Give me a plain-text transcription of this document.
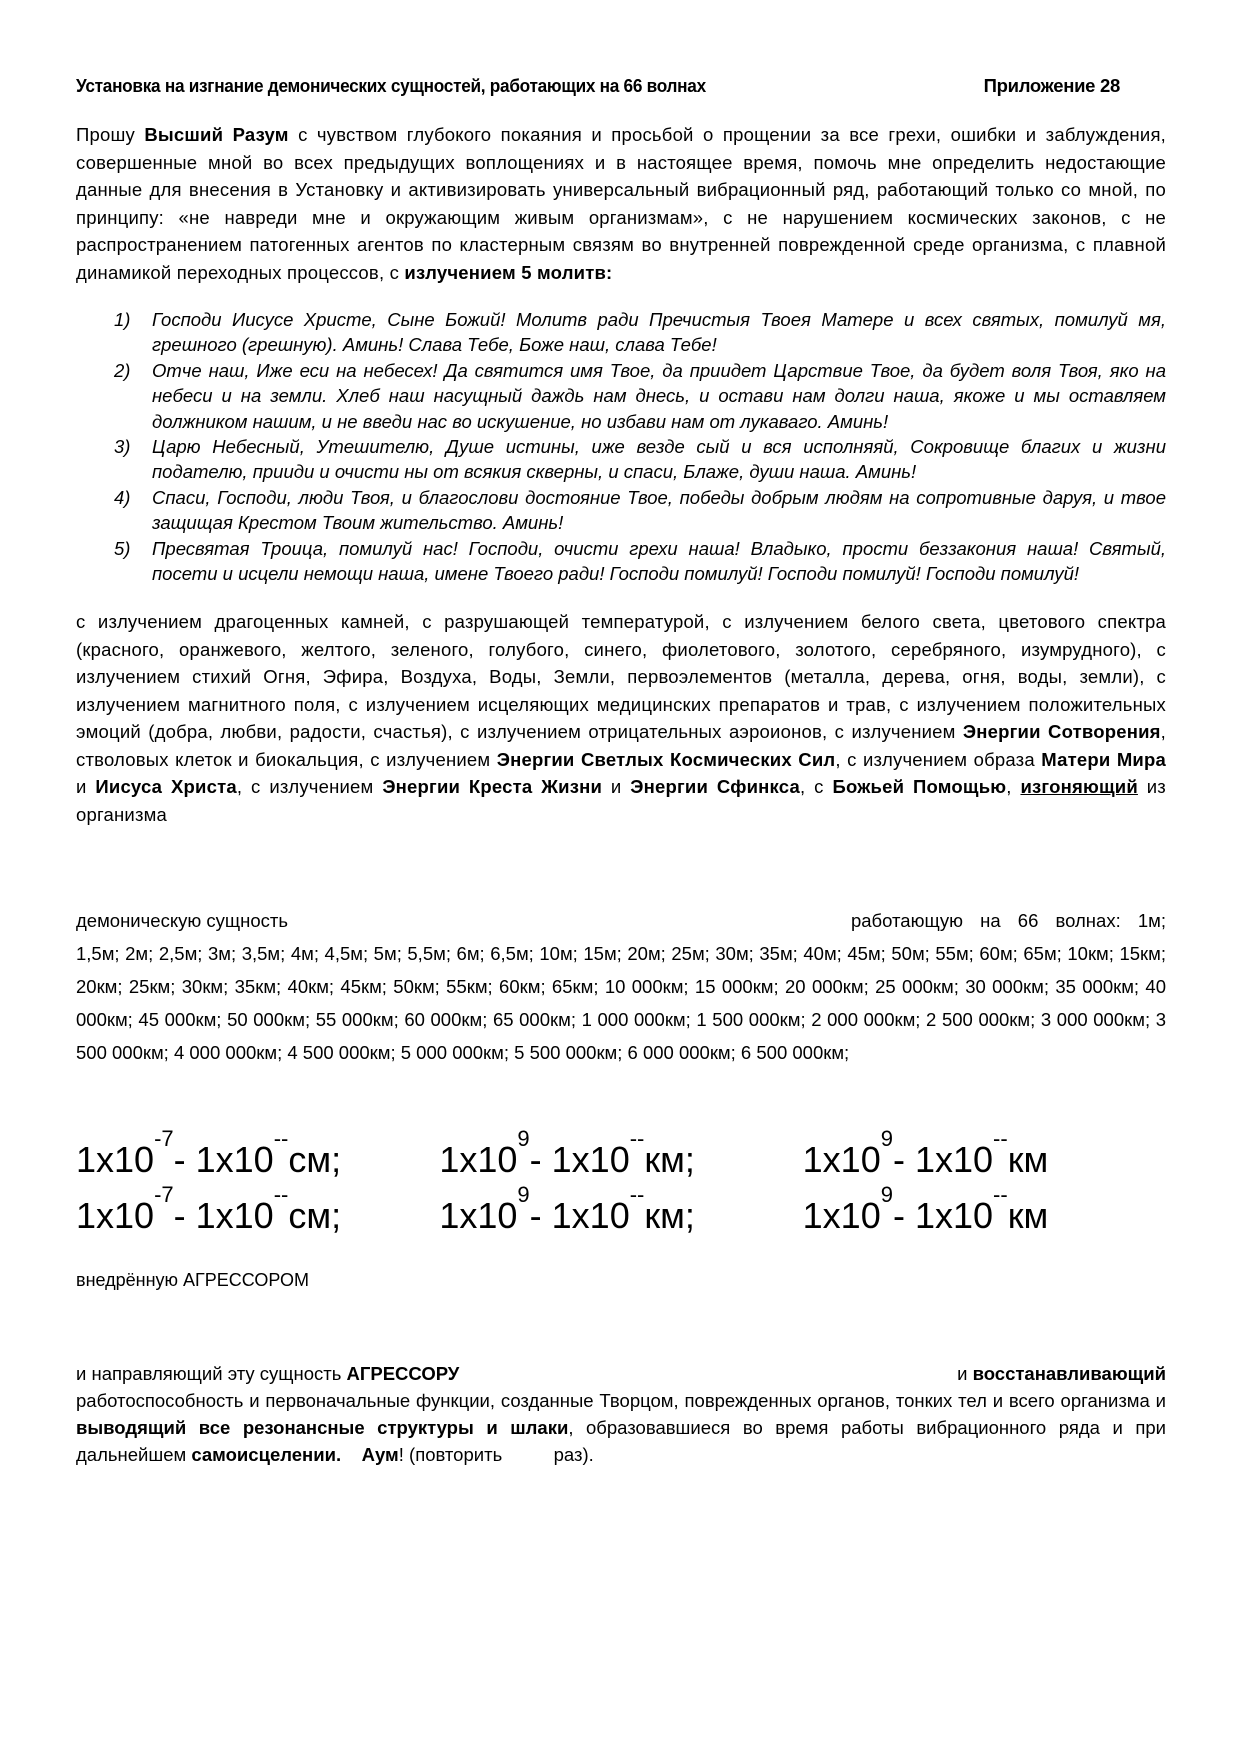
Установка на изгнание демонических сущностей, работающих на 66 волнах	Приложение 28

Прошу Высший Разум с чувством глубокого покаяния и просьбой о прощении за все грехи, ошибки и заблуждения, совершенные мной во всех предыдущих воплощениях и в настоящее время, помочь мне определить недостающие данные для внесения в Установку и активизировать универсальный вибрационный ряд, работающий только со мной, по принципу: «не навреди мне и окружающим живым организмам», с не нарушением космических законов, с не распространением патогенных агентов по кластерным связям во внутренней поврежденной среде организма, с плавной динамикой переходных процессов, с излучением 5 молитв:

1) Господи Иисусе Христе, Сыне Божий! Молитв ради Пречистыя Твоея Матере и всех святых, помилуй мя, грешного (грешную). Аминь! Слава Тебе, Боже наш, слава Тебе!
2) Отче наш, Иже еси на небесех! Да святится имя Твое, да приидет Царствие Твое, да будет воля Твоя, яко на небеси и на земли. Хлеб наш насущный даждь нам днесь, и остави нам долги наша, якоже и мы оставляем должником нашим, и не введи нас во искушение, но избави нам от лукаваго. Аминь!
3) Царю Небесный, Утешителю, Душе истины, иже везде сый и вся исполняяй, Сокровище благих и жизни подателю, прииди и очисти ны от всякия скверны, и спаси, Блаже, души наша. Аминь!
4) Спаси, Господи, люди Твоя, и благослови достояние Твое, победы добрым людям на сопротивные даруя, и твое защищая Крестом Твоим жительство. Аминь!
5) Пресвятая Троица, помилуй нас! Господи, очисти грехи наша! Владыко, прости беззакония наша! Святый, посети и исцели немощи наша, имене Твоего ради! Господи помилуй! Господи помилуй! Господи помилуй!

с излучением драгоценных камней, с разрушающей температурой, с излучением белого света, цветового спектра (красного, оранжевого, желтого, зеленого, голубого, синего, фиолетового, золотого, серебряного, изумрудного), с излучением стихий Огня, Эфира, Воздуха, Воды, Земли, первоэлементов (металла, дерева, огня, воды, земли), с излучением магнитного поля, с излучением исцеляющих медицинских препаратов и трав, с излучением положительных эмоций (добра, любви, радости, счастья), с излучением отрицательных аэроионов, с излучением Энергии Сотворения, стволовых клеток и биокальция, с излучением Энергии Светлых Космических Сил, с излучением образа Матери Мира и Иисуса Христа, с излучением Энергии Креста Жизни и Энергии Сфинкса, с Божьей Помощью, изгоняющий из организма

демоническую сущность	работающую на 66 волнах: 1м;

1,5м; 2м; 2,5м; 3м; 3,5м; 4м; 4,5м; 5м; 5,5м; 6м; 6,5м; 10м; 15м; 20м; 25м; 30м; 35м; 40м; 45м; 50м; 55м; 60м; 65м; 10км; 15км; 20км; 25км; 30км; 35км; 40км; 45км; 50км; 55км; 60км; 65км; 10 000км; 15 000км; 20 000км; 25 000км; 30 000км; 35 000км; 40 000км; 45 000км; 50 000км; 55 000км; 60 000км; 65 000км; 1 000 000км; 1 500 000км; 2 000 000км; 2 500 000км; 3 000 000км; 3 500 000км; 4 000 000км; 4 500 000км; 5 000 000км; 5 500 000км; 6 000 000км; 6 500 000км;

$1x10^{-7}-$ 1x10--см;	$1x10^9-$ 1x10--км;	$1x10^9-$ 1x10--км
$1x10^{-7}-$ 1x10--см;	$1x10^9-$ 1x10--км;	$1x10^9-$ 1x10--км

внедрённую АГРЕССОРОМ

и направляющий эту сущность АГРЕССОРУ	и восстанавливающий

работоспособность и первоначальные функции, созданные Творцом, поврежденных органов, тонких тел и всего организма и выводящий все резонансные структуры и шлаки, образовавшиеся во время работы вибрационного ряда и при дальнейшем самоисцелении. Аум! (повторить          раз).
